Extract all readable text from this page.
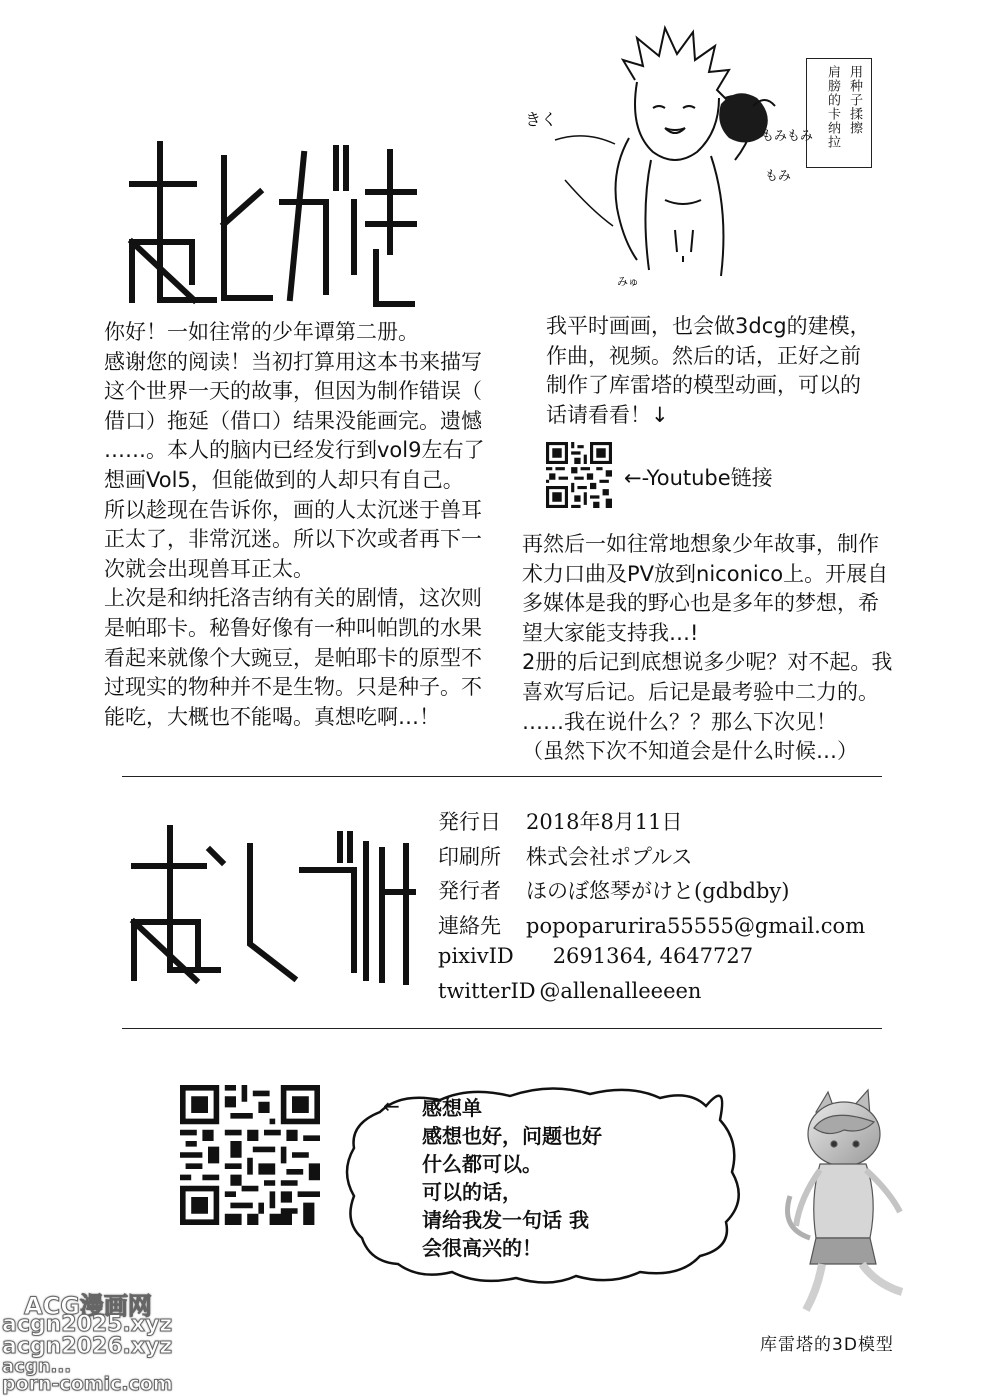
きく
もみもみ
もみ
みゅ
用种子揉擦
肩膀的卡纳拉

你好！一如往常的少年谭第二册。

感谢您的阅读！当初打算用这本书来描写

这个世界一天的故事，但因为制作错误（

借口）拖延（借口）结果没能画完。遗憾

……。本人的脑内已经发行到vol9左右了

想画Vol5，但能做到的人却只有自己。

所以趁现在告诉你，画的人太沉迷于兽耳

正太了，非常沉迷。所以下次或者再下一

次就会出现兽耳正太。

上次是和纳托洛吉纳有关的剧情，这次则

是帕耶卡。秘鲁好像有一种叫帕凯的水果

看起来就像个大豌豆，是帕耶卡的原型不

过现实的物种并不是生物。只是种子。不

能吃，大概也不能喝。真想吃啊…！

我平时画画，也会做3dcg的建模，

作曲，视频。然后的话，正好之前

制作了库雷塔的模型动画，可以的

话请看看！↓

←-Youtube链接

再然后一如往常地想象少年故事，制作

术力口曲及PV放到niconico上。开展自

多媒体是我的野心也是多年的梦想，希

望大家能支持我…!

2册的后记到底想说多少呢？对不起。我

喜欢写后记。后记是最考验中二力的。

……我在说什么？？那么下次见！

（虽然下次不知道会是什么时候…）

発行日 2018年8月11日
印刷所 株式会社ポプルス
発行者 ほのぼ悠琴がけと(gdbdby)
連絡先 popoparurira55555@gmail.com
pixivID    2691364, 4647727
twitterID  @allenalleeeen
← 感想单

感想也好，问题也好

什么都可以。

可以的话，

请给我发一句话 我

会很高兴的！

库雷塔的3D模型
ACG漫画网
acgn2025.xyz
acgn2026.xyz
acgn...
porn-comic.com
